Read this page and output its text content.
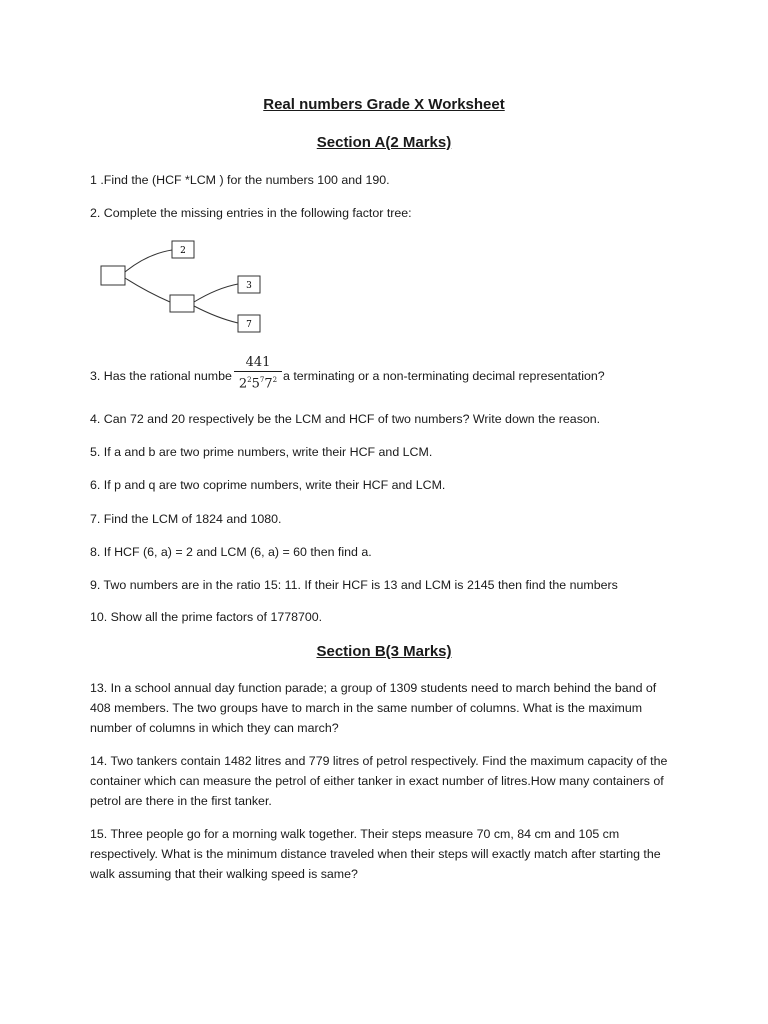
Real numbers Grade X Worksheet
Section A(2 Marks)

1 .Find the (HCF *LCM ) for the numbers 100 and 190.

2. Complete the missing entries in the following factor tree:

2
3
7
3. Has the rational numbe $\frac{441}{2^25^77^2}$ a terminating or a non-terminating decimal representation?

4. Can 72 and 20 respectively be the LCM and HCF of two numbers? Write down the reason.

5. If a and b are two prime numbers, write their HCF and LCM.

6. If p and q are two coprime numbers, write their HCF and LCM.

7. Find the LCM of 1824 and 1080.

8. If HCF (6, a) = 2 and LCM (6, a) = 60 then find a.

9. Two numbers are in the ratio 15: 11. If their HCF is 13 and LCM is 2145 then find the numbers

10. Show all the prime factors of 1778700.

Section B(3 Marks)

13. In a school annual day function parade; a group of 1309 students need to march behind the band of 408 members. The two groups have to march in the same number of columns. What is the maximum number of columns in which they can march?

14. Two tankers contain 1482 litres and 779 litres of petrol respectively. Find the maximum capacity of the container which can measure the petrol of either tanker in exact number of litres.How many containers of petrol are there in the first tanker.

15. Three people go for a morning walk together. Their steps measure 70 cm, 84 cm and 105 cm respectively. What is the minimum distance traveled when their steps will exactly match after starting the walk assuming that their walking speed is same?
